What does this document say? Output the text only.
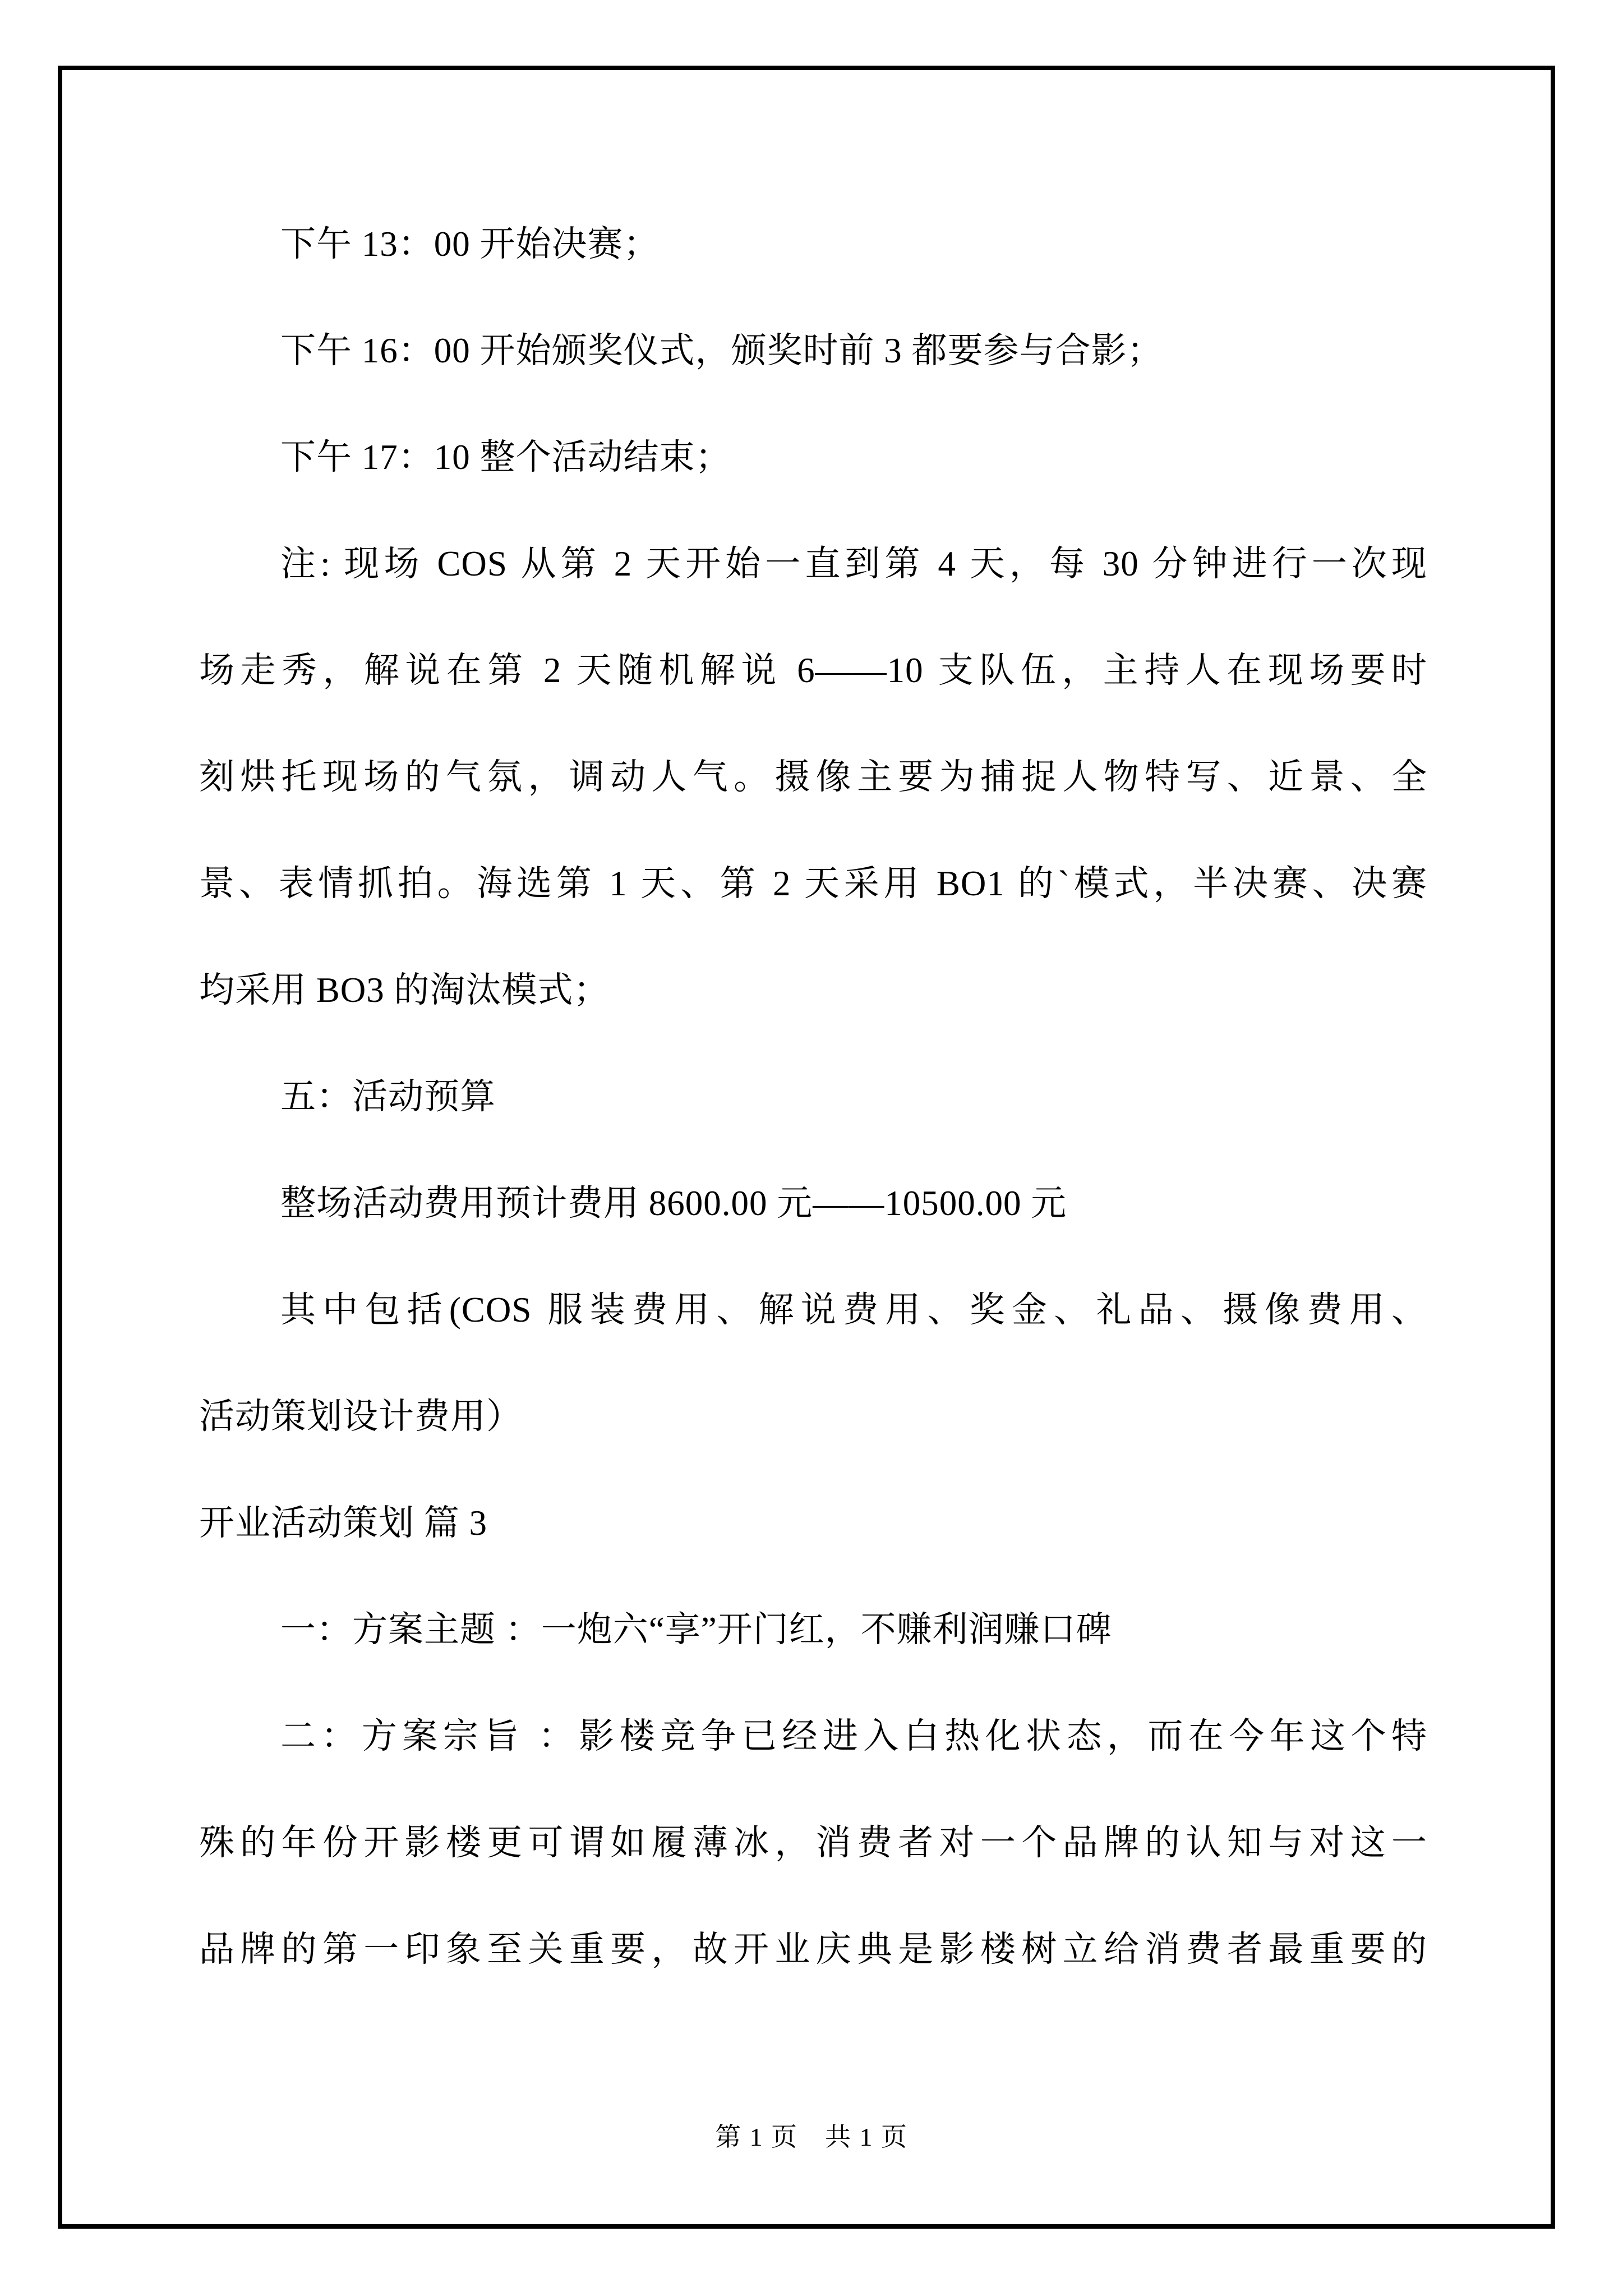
下午 13：00 开始决赛；
下午 16：00 开始颁奖仪式，颁奖时前 3 都要参与合影；
下午 17：10 整个活动结束；
注: 现场 COS 从第 2 天开始一直到第 4 天，每 30 分钟进行一次现
场走秀，解说在第 2 天随机解说 6——10 支队伍，主持人在现场要时
刻烘托现场的气氛，调动人气。摄像主要为捕捉人物特写、近景、全
景、表情抓拍。海选第 1 天、第 2 天采用 BO1 的`模式，半决赛、决赛
均采用 BO3 的淘汰模式；
五：活动预算
整场活动费用预计费用 8600.00 元——10500.00 元
其中包括(COS 服装费用、解说费用、奖金、礼品、摄像费用、
活动策划设计费用）
开业活动策划 篇 3
一：方案主题 ：一炮六“享”开门红，不赚利润赚口碑
二：方案宗旨 ：影楼竞争已经进入白热化状态，而在今年这个特
殊的年份开影楼更可谓如履薄冰，消费者对一个品牌的认知与对这一
品牌的第一印象至关重要，故开业庆典是影楼树立给消费者最重要的
第 1 页　共 1 页
